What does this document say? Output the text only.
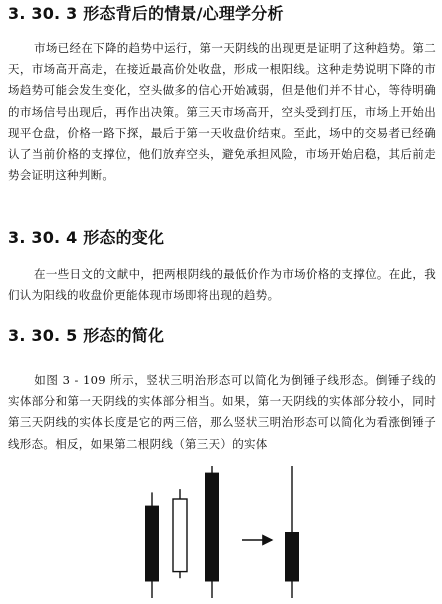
3. 30. 3 形态背后的情景/心理学分析
市场已经在下降的趋势中运行，第一天阴线的出现更是证明了这种趋势。第二天，市场高开高走，在接近最高价处收盘，形成一根阳线。这种走势说明下降的市场趋势可能会发生变化，空头做多的信心开始减弱，但是他们并不甘心，等待明确的市场信号出现后，再作出决策。第三天市场高开，空头受到打压，市场上开始出现平仓盘，价格一路下探，最后于第一天收盘价结束。至此，场中的交易者已经确认了当前价格的支撑位，他们放弃空头，避免承担风险，市场开始启稳，其后前走势会证明这种判断。
3. 30. 4 形态的变化
在一些日文的文献中，把两根阴线的最低价作为市场价格的支撑位。在此，我们认为阳线的收盘价更能体现市场即将出现的趋势。
3. 30. 5 形态的简化
如图 3 - 109 所示，竖状三明治形态可以简化为倒锤子线形态。倒锤子线的实体部分和第一天阴线的实体部分相当。如果，第一天阴线的实体部分较小，同时第三天阴线的实体长度是它的两三倍，那么竖状三明治形态可以简化为看涨倒锤子线形态。相反，如果第二根阴线（第三天）的实体
